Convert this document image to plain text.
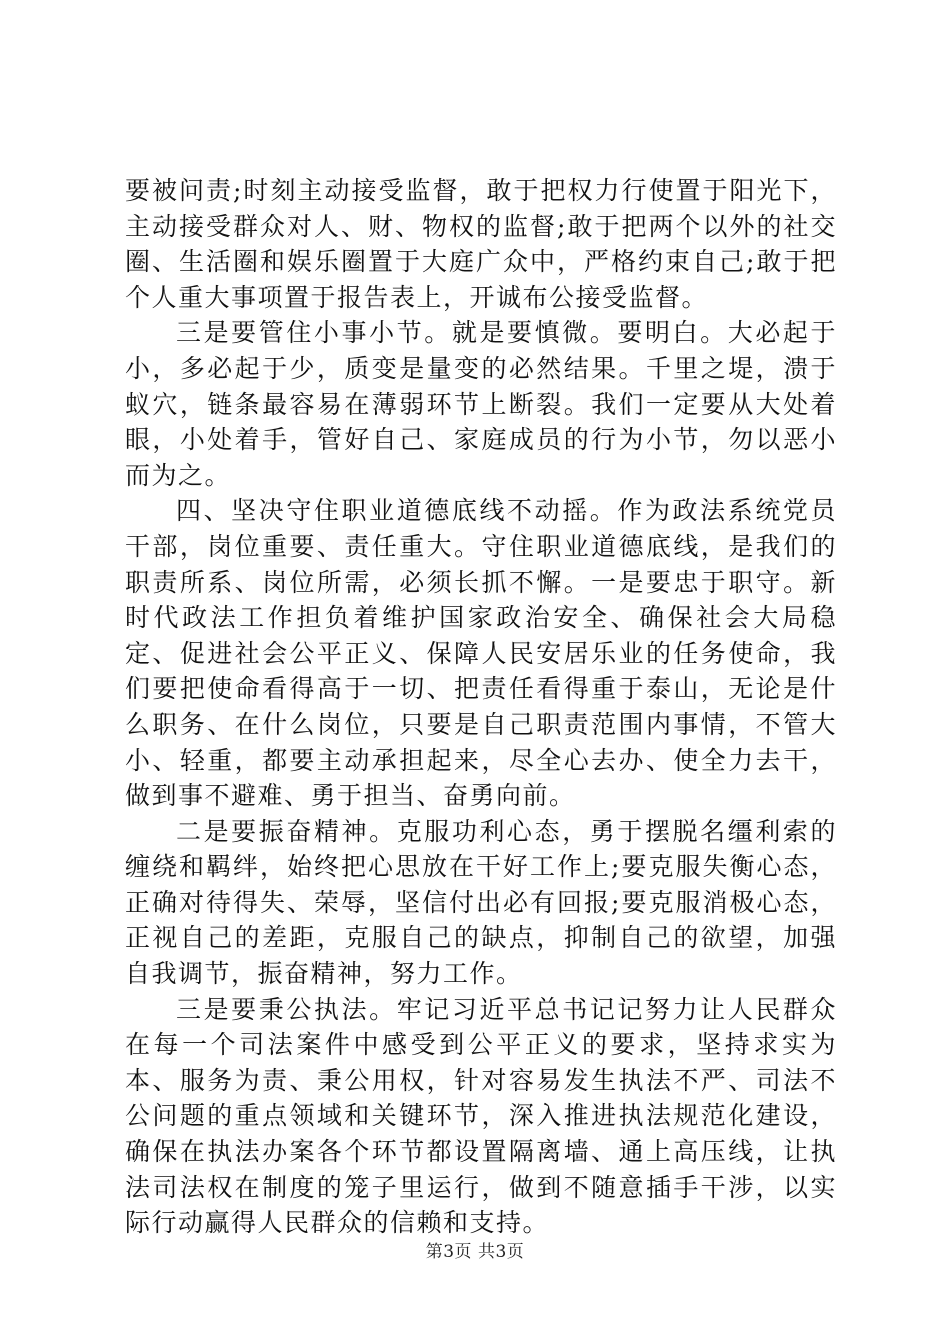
要被问责;时刻主动接受监督，敢于把权力行使置于阳光下，主动接受群众对人、财、物权的监督;敢于把两个以外的社交圈、生活圈和娱乐圈置于大庭广众中，严格约束自己;敢于把个人重大事项置于报告表上，开诚布公接受监督。

三是要管住小事小节。就是要慎微。要明白。大必起于小，多必起于少，质变是量变的必然结果。千里之堤，溃于蚁穴，链条最容易在薄弱环节上断裂。我们一定要从大处着眼，小处着手，管好自己、家庭成员的行为小节，勿以恶小而为之。

四、坚决守住职业道德底线不动摇。作为政法系统党员干部，岗位重要、责任重大。守住职业道德底线，是我们的职责所系、岗位所需，必须长抓不懈。一是要忠于职守。新时代政法工作担负着维护国家政治安全、确保社会大局稳定、促进社会公平正义、保障人民安居乐业的任务使命，我们要把使命看得高于一切、把责任看得重于泰山，无论是什么职务、在什么岗位，只要是自己职责范围内事情，不管大小、轻重，都要主动承担起来，尽全心去办、使全力去干，做到事不避难、勇于担当、奋勇向前。

二是要振奋精神。克服功利心态，勇于摆脱名缰利索的缠绕和羁绊，始终把心思放在干好工作上;要克服失衡心态，正确对待得失、荣辱，坚信付出必有回报;要克服消极心态，正视自己的差距，克服自己的缺点，抑制自己的欲望，加强自我调节，振奋精神，努力工作。

三是要秉公执法。牢记习近平总书记记努力让人民群众在每一个司法案件中感受到公平正义的要求，坚持求实为本、服务为责、秉公用权，针对容易发生执法不严、司法不公问题的重点领域和关键环节，深入推进执法规范化建设，确保在执法办案各个环节都设置隔离墙、通上高压线，让执法司法权在制度的笼子里运行，做到不随意插手干涉，以实际行动赢得人民群众的信赖和支持。

第3页 共3页
